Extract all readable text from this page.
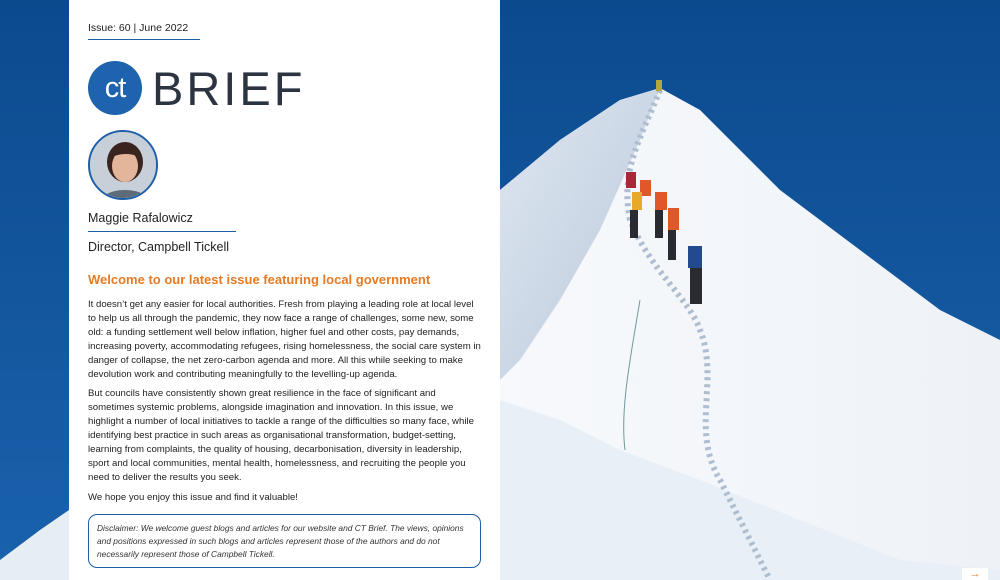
Issue: 60 | June 2022
ct BRIEF
Maggie Rafalowicz
Director, Campbell Tickell
Welcome to our latest issue featuring local government

It doesn’t get any easier for local authorities. Fresh from playing a leading role at local level to help us all through the pandemic, they now face a range of challenges, some new, some old: a funding settlement well below inflation, higher fuel and other costs, pay demands, increasing poverty, accommodating refugees, rising homelessness, the social care system in danger of collapse, the net zero-carbon agenda and more. All this while seeking to make devolution work and contributing meaningfully to the levelling-up agenda.

But councils have consistently shown great resilience in the face of significant and sometimes systemic problems, alongside imagination and innovation. In this issue, we highlight a number of local initiatives to tackle a range of the difficulties so many face, while identifying best practice in such areas as organisational transformation, budget-setting, learning from complaints, the quality of housing, decarbonisation, diversity in leadership, sport and local communities, mental health, homelessness, and recruiting the people you need to deliver the results you seek.

We hope you enjoy this issue and find it valuable!

Disclaimer: We welcome guest blogs and articles for our website and CT Brief. The views, opinions and positions expressed in such blogs and articles represent those of the authors and do not necessarily represent those of Campbell Tickell.
→
